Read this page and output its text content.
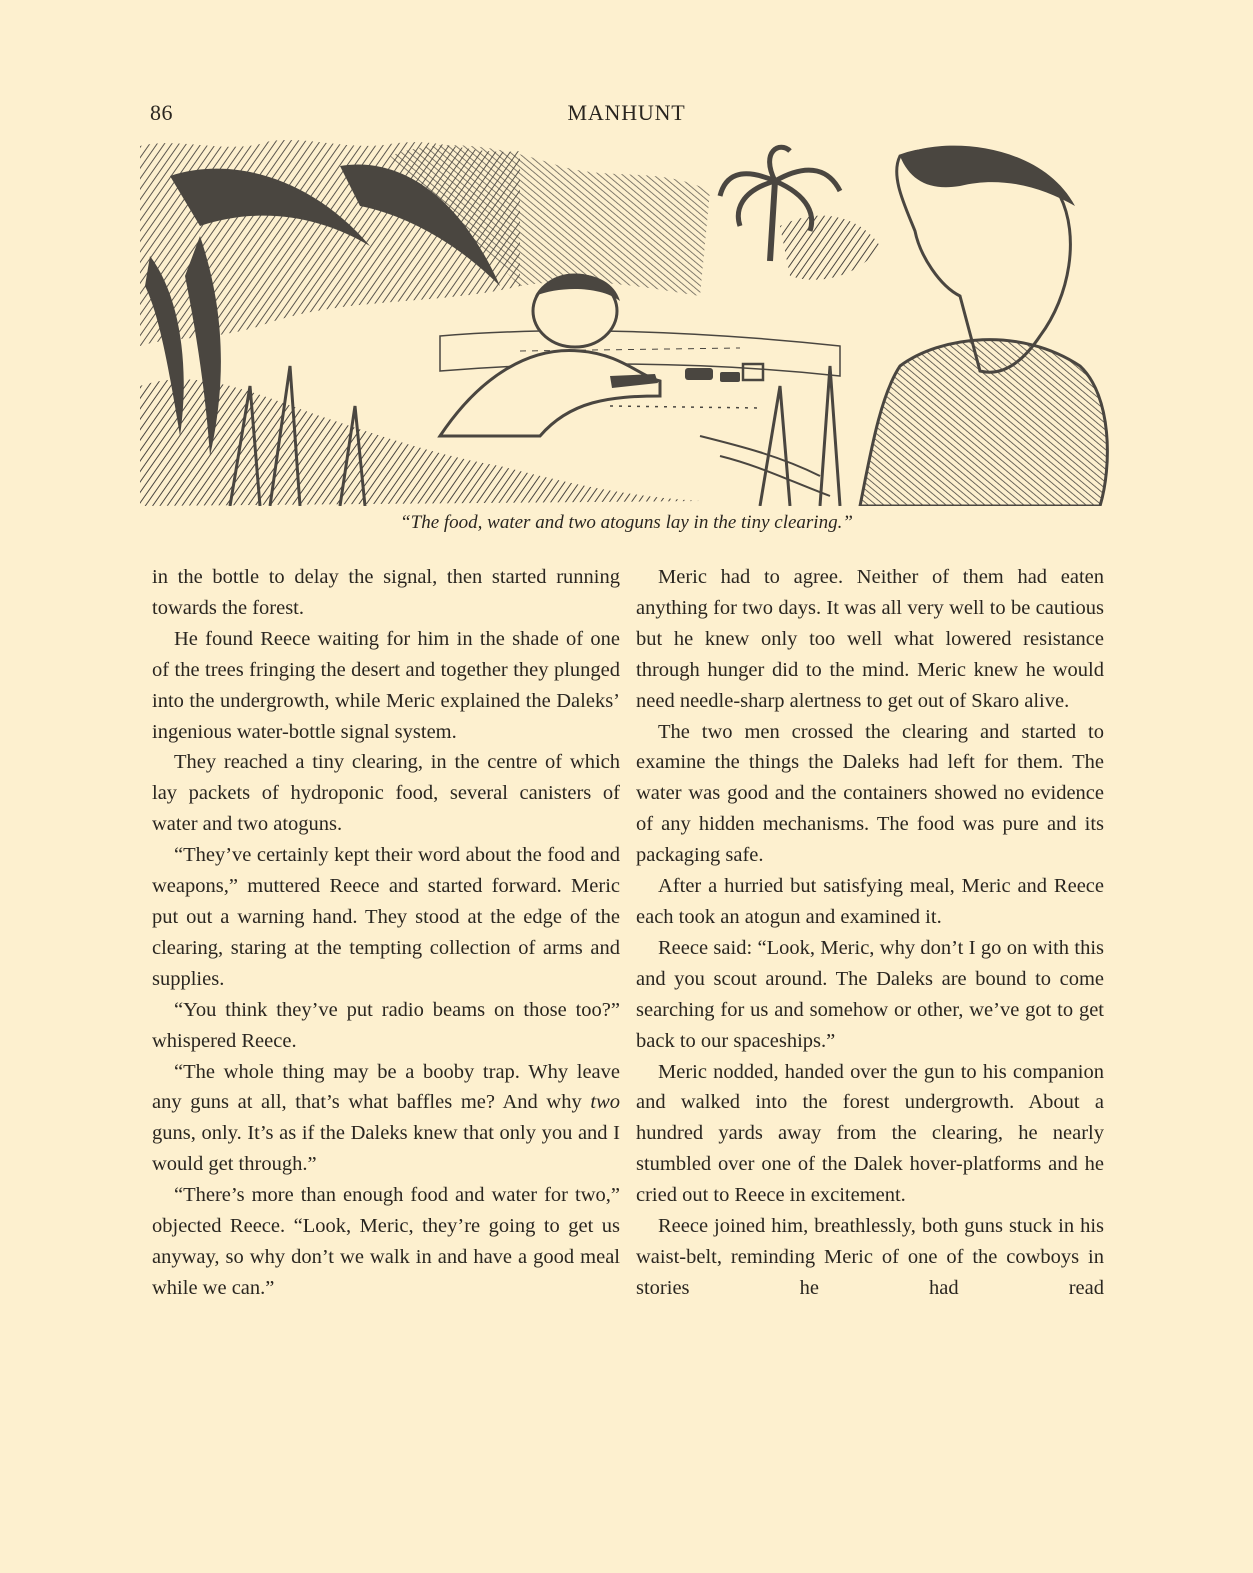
86	MANHUNT
“The food, water and two atoguns lay in the tiny clearing.”

in the bottle to delay the signal, then started running towards the forest.

He found Reece waiting for him in the shade of one of the trees fringing the desert and together they plunged into the undergrowth, while Meric explained the Daleks’ ingenious water-bottle signal system.

They reached a tiny clearing, in the centre of which lay packets of hydroponic food, several canisters of water and two atoguns.

“They’ve certainly kept their word about the food and weapons,” muttered Reece and started forward. Meric put out a warning hand. They stood at the edge of the clearing, staring at the tempting collection of arms and supplies.

“You think they’ve put radio beams on those too?” whispered Reece.

“The whole thing may be a booby trap. Why leave any guns at all, that’s what baffles me? And why two guns, only. It’s as if the Daleks knew that only you and I would get through.”

“There’s more than enough food and water for two,” objected Reece. “Look, Meric, they’re going to get us anyway, so why don’t we walk in and have a good meal while we can.”

Meric had to agree. Neither of them had eaten anything for two days. It was all very well to be cautious but he knew only too well what lowered resistance through hunger did to the mind. Meric knew he would need needle-sharp alertness to get out of Skaro alive.

The two men crossed the clearing and started to examine the things the Daleks had left for them. The water was good and the containers showed no evidence of any hidden mechanisms. The food was pure and its packaging safe.

After a hurried but satisfying meal, Meric and Reece each took an atogun and examined it.

Reece said: “Look, Meric, why don’t I go on with this and you scout around. The Daleks are bound to come searching for us and somehow or other, we’ve got to get back to our spaceships.”

Meric nodded, handed over the gun to his companion and walked into the forest undergrowth. About a hundred yards away from the clearing, he nearly stumbled over one of the Dalek hover-platforms and he cried out to Reece in excitement.

Reece joined him, breathlessly, both guns stuck in his waist-belt, reminding Meric of one of the cowboys in stories he had read
